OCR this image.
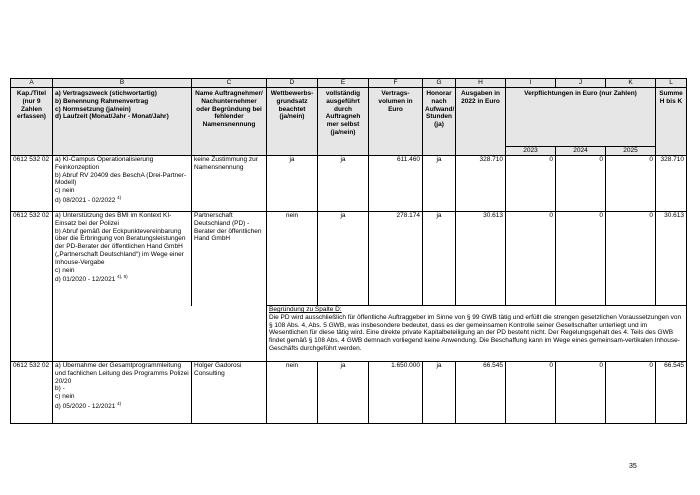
A	B	C	D	E	F	G	H	I	J	K	L
Kap./Titel (nur 9 Zahlen erfassen)	a) Vertragszweck (stichwortartig)
b) Benennung Rahmenvertrag
c) Normsetzung (ja/nein)
d) Laufzeit (Monat/Jahr - Monat/Jahr)	Name Auftragnehmer/ Nachunternehmer oder Begründung bei fehlender Namensnennung	Wettbewerbs-grundsatz beachtet (ja/nein)	vollständig ausgeführt durch Auftragneh mer selbst (ja/nein)	Vertrags-volumen in Euro	Honorar nach Aufwand/ Stunden (ja)	Ausgaben in 2022 in Euro	Verpflichtungen in Euro (nur Zahlen)			Summe H bis K
								2023	2024	2025	
0612 532 02	a) KI-Campus Operationalisierung Feinkonzeption
b) Abruf RV 20409 des BeschA (Drei-Partner-Modell)
c) nein
d) 08/2021 - 02/2022 $^{4)}$	keine Zustimmung zur Namensnennung	ja	ja	611.460	ja	328.710	0	0	0	328.710
0612 532 02	a) Unterstützung des BMI im Kontext KI-Einsatz bei der Polizei
b) Abruf gemäß der Eckpunktevereinbarung über die Erbringung von Beratungsleistungen der PD-Berater der öffentlichen Hand GmbH („Partnerschaft Deutschland“) im Wege einer Inhouse-Vergabe
c) nein
d) 01/2020 - 12/2021 $^{4), 5)}$	Partnerschaft Deutschland (PD) - Berater der öffentlichen Hand GmbH	nein	ja	278.174	ja	30.613	0	0	0	30.613

			Begründung zu Spalte D:
Die PD wird ausschließlich für öffentliche Auftraggeber im Sinne von § 99 GWB tätig und erfüllt die strengen gesetzlichen Voraussetzungen von § 108 Abs. 4, Abs. 5 GWB, was insbesondere bedeutet, dass es der gemeinsamen Kontrolle seiner Gesellschafter unterliegt und im Wesentlichen für diese tätig wird. Eine direkte private Kapitalbeteiligung an der PD besteht nicht. Der Regelungsgehalt des 4. Teils des GWB findet gemäß § 108 Abs. 4 GWB demnach vorliegend keine Anwendung. Die Beschaffung kann im Wege eines gemeinsam-vertikalen Inhouse-Geschäfts durchgeführt werden.								

0612 532 02	a) Übernahme der Gesamtprogrammleitung und fachlichen Leitung des Programms Polizei 20/20
b) -
c) nein
d) 05/2020 - 12/2021 $^{4)}$	Holger Gadorosi Consulting	nein	ja	1.650.000	ja	66.545	0	0	0	66.545
35
